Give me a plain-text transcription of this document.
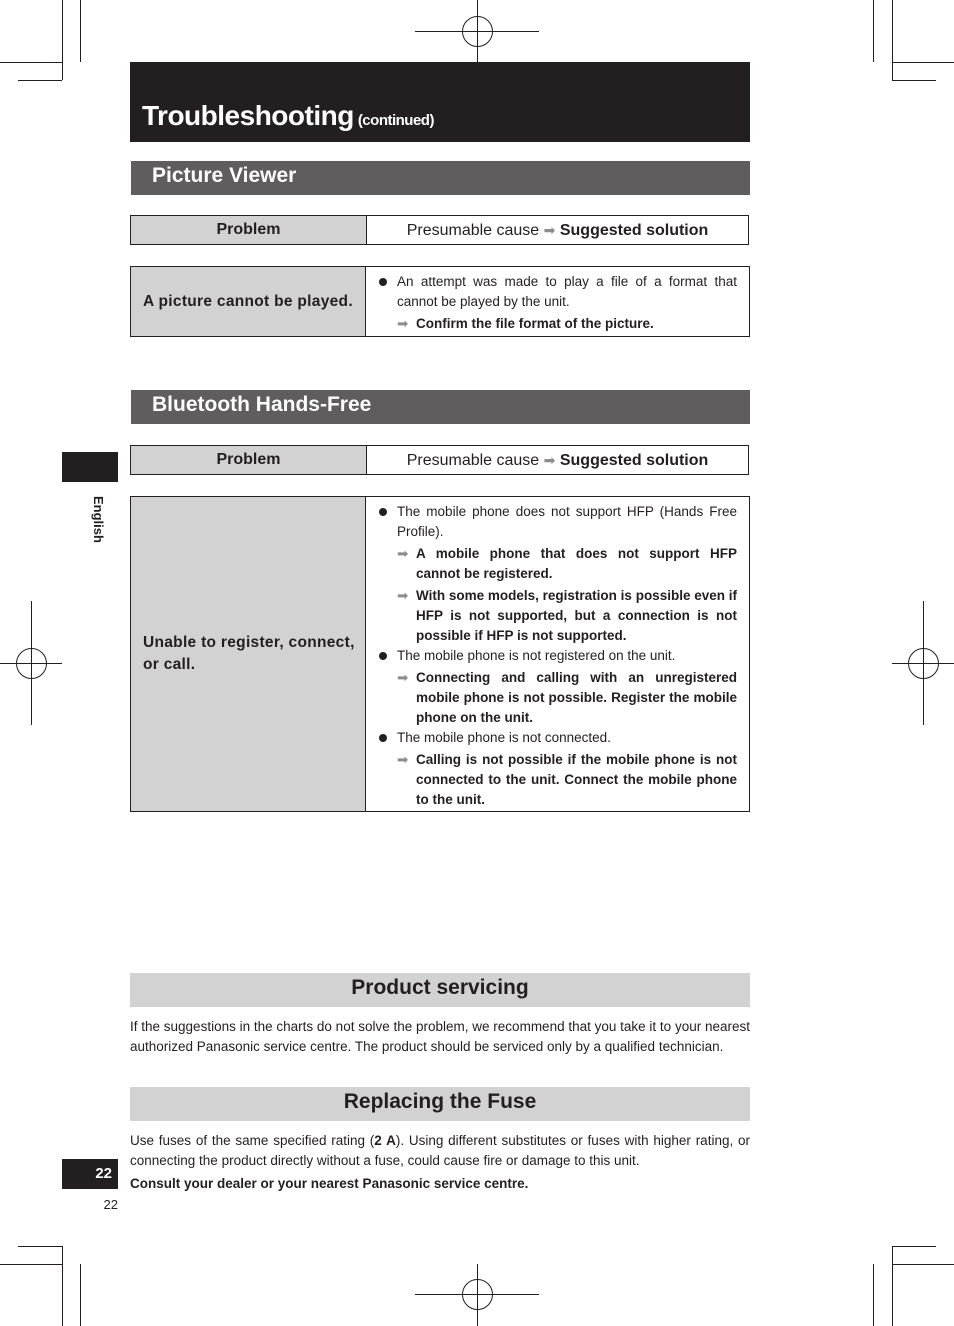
Troubleshooting (continued)
English
Picture Viewer
Problem	Presumable cause ➡ Suggested solution
A picture cannot be played.
An attempt was made to play a file of a format that cannot be played by the unit.
➡ Confirm the file format of the picture.
Bluetooth Hands-Free
Problem	Presumable cause ➡ Suggested solution
Unable to register, connect, or call.
The mobile phone does not support HFP (Hands Free Profile).
➡ A mobile phone that does not support HFP cannot be registered.
➡ With some models, registration is possible even if HFP is not supported, but a connection is not possible if HFP is not supported.
The mobile phone is not registered on the unit.
➡ Connecting and calling with an unregistered mobile phone is not possible. Register the mobile phone on the unit.
The mobile phone is not connected.
➡ Calling is not possible if the mobile phone is not connected to the unit. Connect the mobile phone to the unit.
Product servicing
If the suggestions in the charts do not solve the problem, we recommend that you take it to your nearest authorized Panasonic service centre. The product should be serviced only by a qualified technician.
Replacing the Fuse
Use fuses of the same specified rating (2 A). Using different substitutes or fuses with higher rating, or connecting the product directly without a fuse, could cause fire or damage to this unit.
Consult your dealer or your nearest Panasonic service centre.
22
22
